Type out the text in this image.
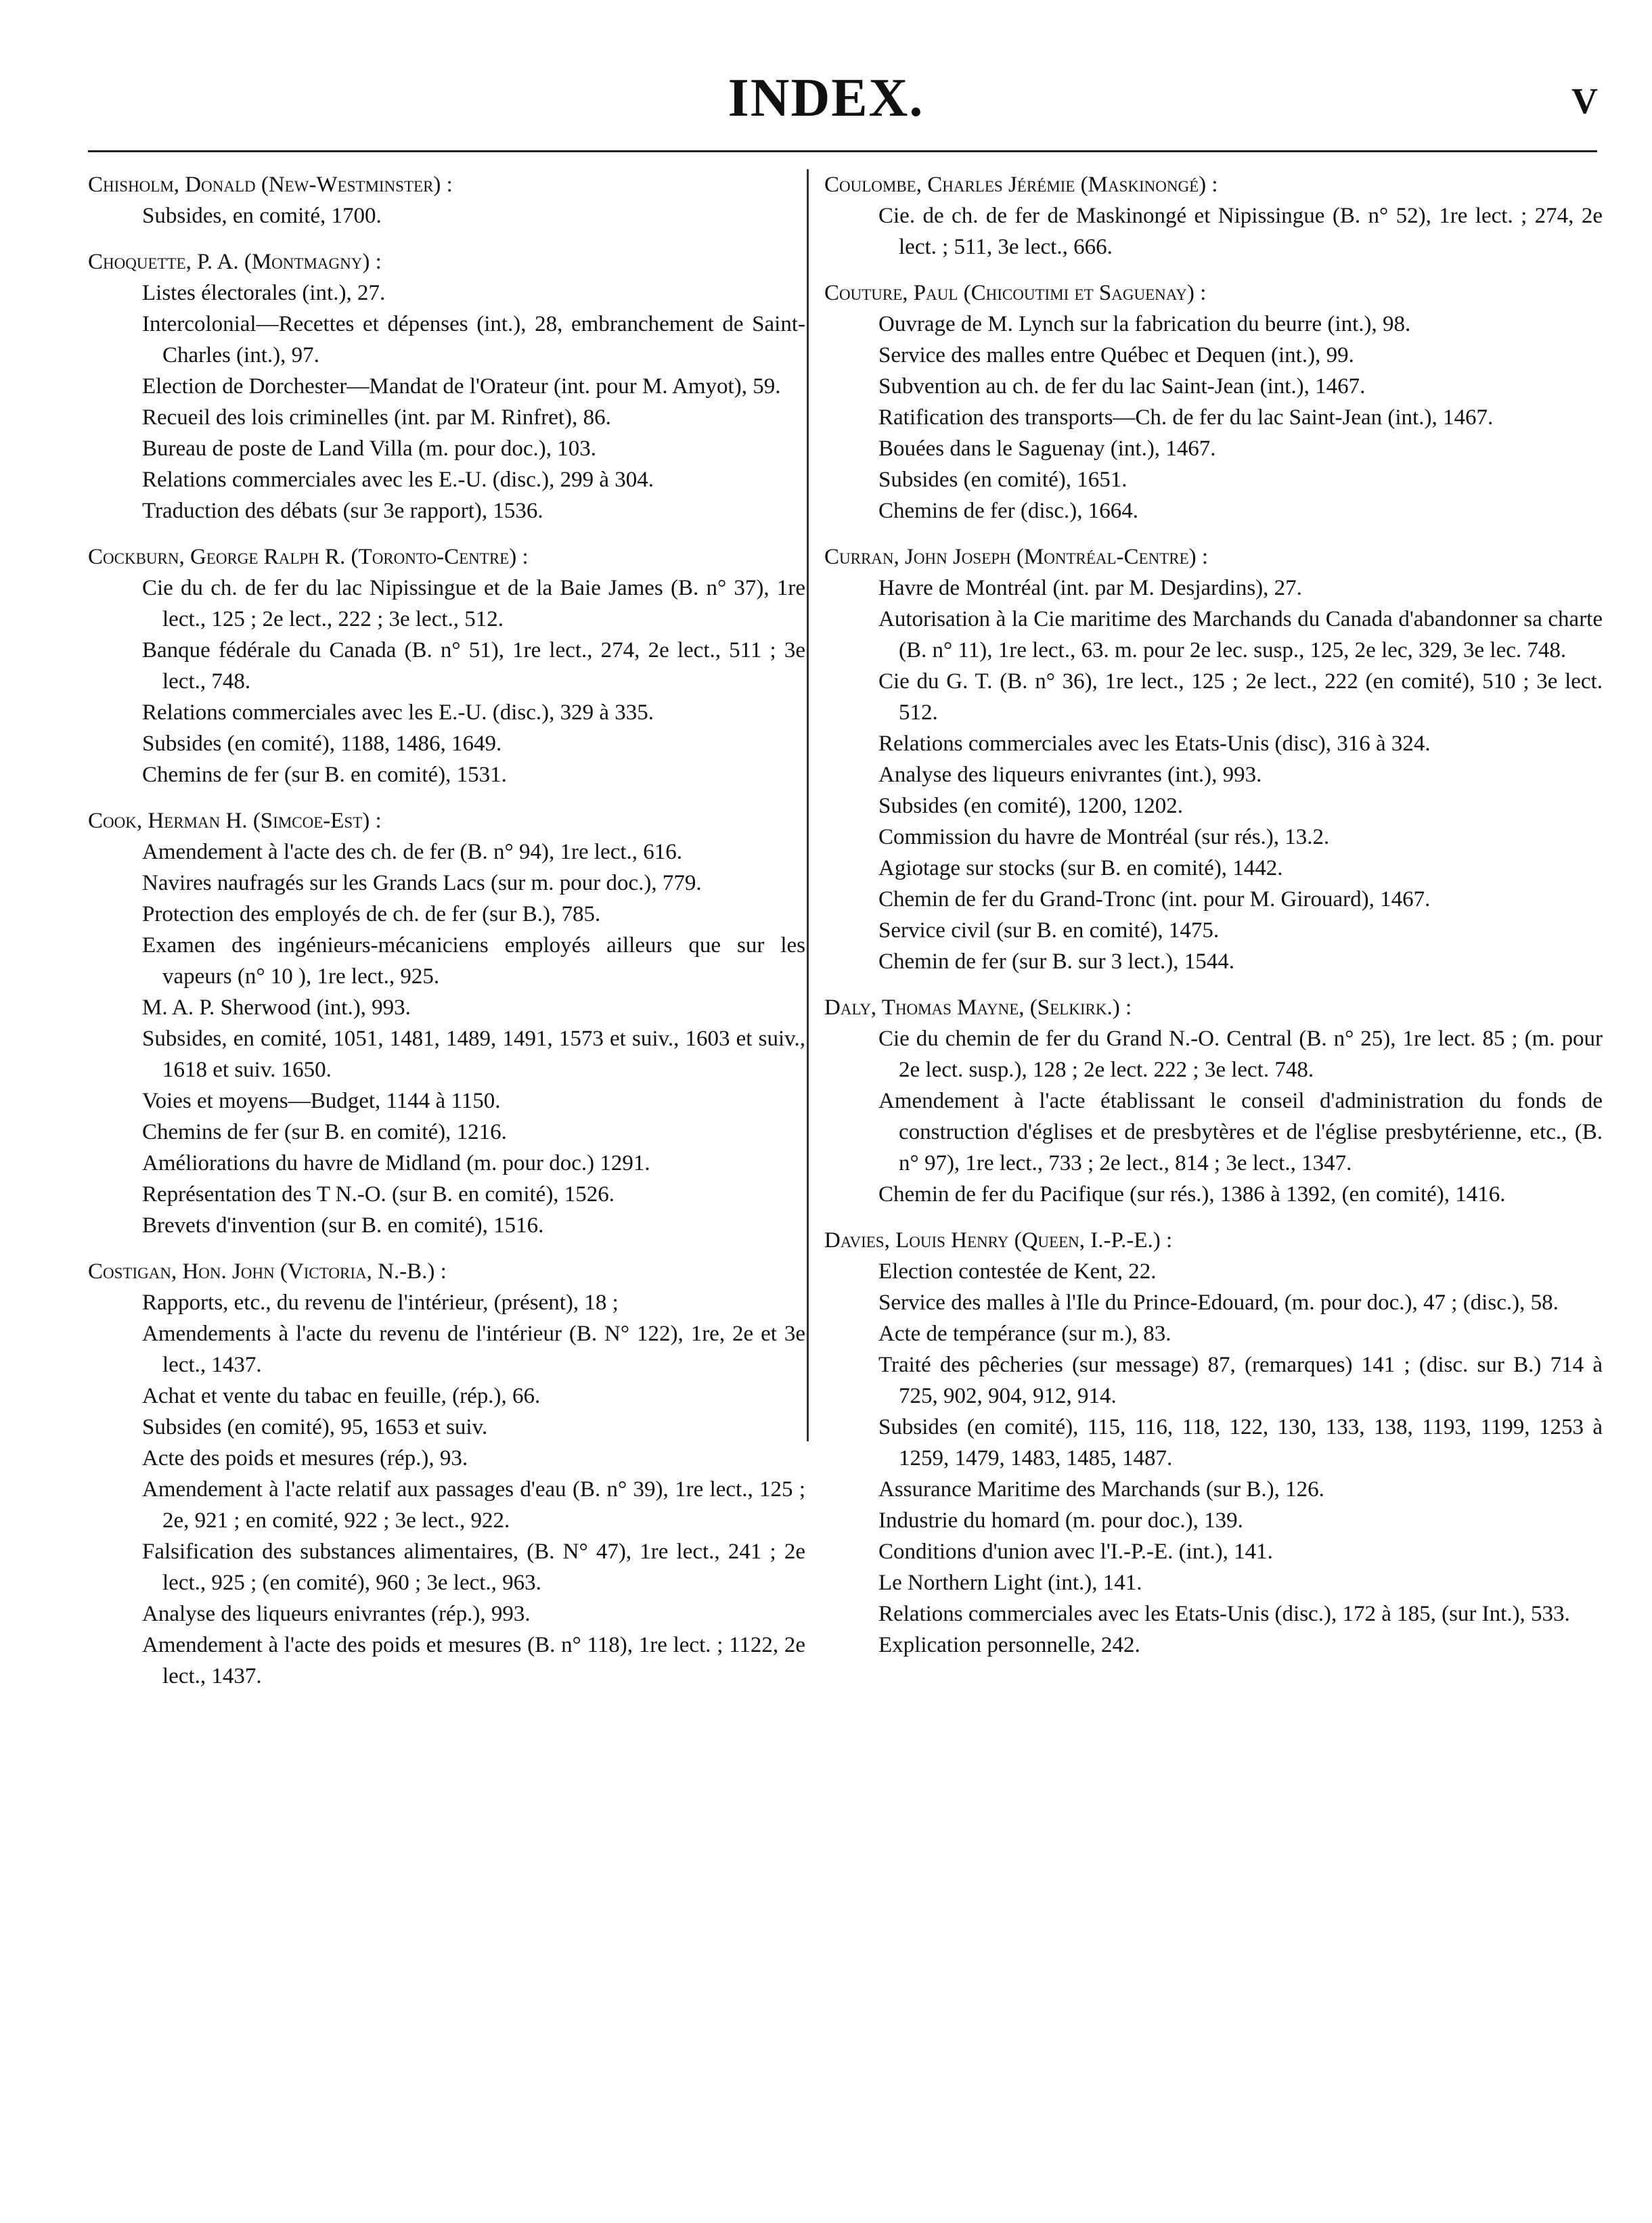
INDEX.	V
Chisholm, Donald (New-Westminster) :
Subsides, en comité, 1700.
Choquette, P. A. (Montmagny) :
Listes électorales (int.), 27.
Intercolonial—Recettes et dépenses (int.), 28, embranchement de Saint-Charles (int.), 97.
Election de Dorchester—Mandat de l'Orateur (int. pour M. Amyot), 59.
Recueil des lois criminelles (int. par M. Rinfret), 86.
Bureau de poste de Land Villa (m. pour doc.), 103.
Relations commerciales avec les E.-U. (disc.), 299 à 304.
Traduction des débats (sur 3e rapport), 1536.
Cockburn, George Ralph R. (Toronto-Centre) :
Cie du ch. de fer du lac Nipissingue et de la Baie James (B. n° 37), 1re lect., 125 ; 2e lect., 222 ; 3e lect., 512.
Banque fédérale du Canada (B. n° 51), 1re lect., 274, 2e lect., 511 ; 3e lect., 748.
Relations commerciales avec les E.-U. (disc.), 329 à 335.
Subsides (en comité), 1188, 1486, 1649.
Chemins de fer (sur B. en comité), 1531.
Cook, Herman H. (Simcoe-Est) :
Amendement à l'acte des ch. de fer (B. n° 94), 1re lect., 616.
Navires naufragés sur les Grands Lacs (sur m. pour doc.), 779.
Protection des employés de ch. de fer (sur B.), 785.
Examen des ingénieurs-mécaniciens employés ailleurs que sur les vapeurs (n° 10 ), 1re lect., 925.
M. A. P. Sherwood (int.), 993.
Subsides, en comité, 1051, 1481, 1489, 1491, 1573 et suiv., 1603 et suiv., 1618 et suiv. 1650.
Voies et moyens—Budget, 1144 à 1150.
Chemins de fer (sur B. en comité), 1216.
Améliorations du havre de Midland (m. pour doc.) 1291.
Représentation des T N.-O. (sur B. en comité), 1526.
Brevets d'invention (sur B. en comité), 1516.
Costigan, Hon. John (Victoria, N.-B.) :
Rapports, etc., du revenu de l'intérieur, (présent), 18 ;
Amendements à l'acte du revenu de l'intérieur (B. N° 122), 1re, 2e et 3e lect., 1437.
Achat et vente du tabac en feuille, (rép.), 66.
Subsides (en comité), 95, 1653 et suiv.
Acte des poids et mesures (rép.), 93.
Amendement à l'acte relatif aux passages d'eau (B. n° 39), 1re lect., 125 ; 2e, 921 ; en comité, 922 ; 3e lect., 922.
Falsification des substances alimentaires, (B. N° 47), 1re lect., 241 ; 2e lect., 925 ; (en comité), 960 ; 3e lect., 963.
Analyse des liqueurs enivrantes (rép.), 993.
Amendement à l'acte des poids et mesures (B. n° 118), 1re lect. ; 1122, 2e lect., 1437.
Coulombe, Charles Jérémie (Maskinongé) :
Cie. de ch. de fer de Maskinongé et Nipissingue (B. n° 52), 1re lect. ; 274, 2e lect. ; 511, 3e lect., 666.
Couture, Paul (Chicoutimi et Saguenay) :
Ouvrage de M. Lynch sur la fabrication du beurre (int.), 98.
Service des malles entre Québec et Dequen (int.), 99.
Subvention au ch. de fer du lac Saint-Jean (int.), 1467.
Ratification des transports—Ch. de fer du lac Saint-Jean (int.), 1467.
Bouées dans le Saguenay (int.), 1467.
Subsides (en comité), 1651.
Chemins de fer (disc.), 1664.
Curran, John Joseph (Montréal-Centre) :
Havre de Montréal (int. par M. Desjardins), 27.
Autorisation à la Cie maritime des Marchands du Canada d'abandonner sa charte (B. n° 11), 1re lect., 63. m. pour 2e lec. susp., 125, 2e lec, 329, 3e lec. 748.
Cie du G. T. (B. n° 36), 1re lect., 125 ; 2e lect., 222 (en comité), 510 ; 3e lect. 512.
Relations commerciales avec les Etats-Unis (disc), 316 à 324.
Analyse des liqueurs enivrantes (int.), 993.
Subsides (en comité), 1200, 1202.
Commission du havre de Montréal (sur rés.), 13.2.
Agiotage sur stocks (sur B. en comité), 1442.
Chemin de fer du Grand-Tronc (int. pour M. Girouard), 1467.
Service civil (sur B. en comité), 1475.
Chemin de fer (sur B. sur 3 lect.), 1544.
Daly, Thomas Mayne, (Selkirk.) :
Cie du chemin de fer du Grand N.-O. Central (B. n° 25), 1re lect. 85 ; (m. pour 2e lect. susp.), 128 ; 2e lect. 222 ; 3e lect. 748.
Amendement à l'acte établissant le conseil d'administration du fonds de construction d'églises et de presbytères et de l'église presbytérienne, etc., (B. n° 97), 1re lect., 733 ; 2e lect., 814 ; 3e lect., 1347.
Chemin de fer du Pacifique (sur rés.), 1386 à 1392, (en comité), 1416.
Davies, Louis Henry (Queen, I.-P.-E.) :
Election contestée de Kent, 22.
Service des malles à l'Ile du Prince-Edouard, (m. pour doc.), 47 ; (disc.), 58.
Acte de tempérance (sur m.), 83.
Traité des pêcheries (sur message) 87, (remarques) 141 ; (disc. sur B.) 714 à 725, 902, 904, 912, 914.
Subsides (en comité), 115, 116, 118, 122, 130, 133, 138, 1193, 1199, 1253 à 1259, 1479, 1483, 1485, 1487.
Assurance Maritime des Marchands (sur B.), 126.
Industrie du homard (m. pour doc.), 139.
Conditions d'union avec l'I.-P.-E. (int.), 141.
Le Northern Light (int.), 141.
Relations commerciales avec les Etats-Unis (disc.), 172 à 185, (sur Int.), 533.
Explication personnelle, 242.
